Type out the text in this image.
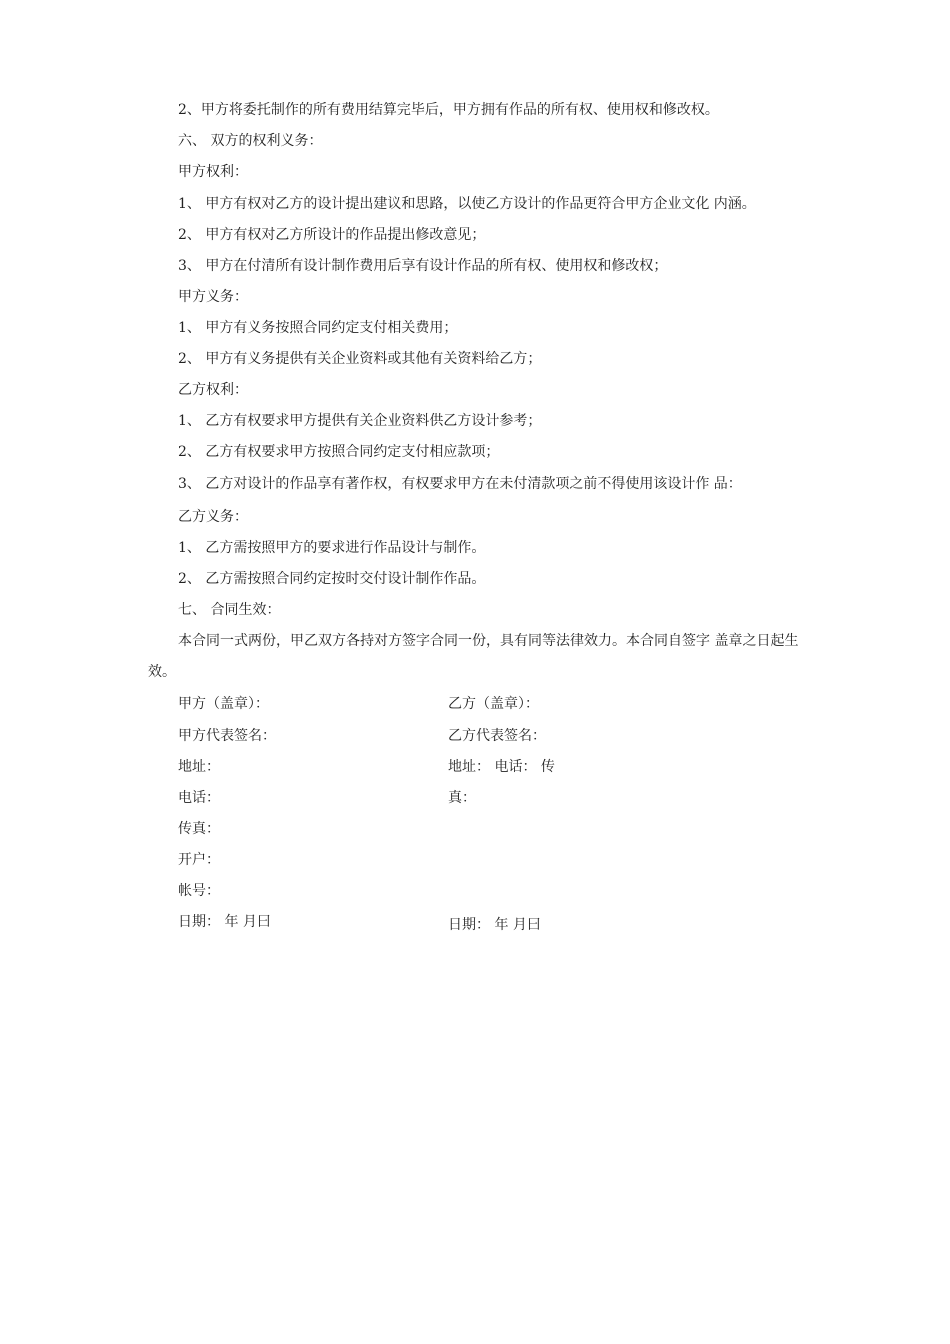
2、甲方将委托制作的所有费用结算完毕后，甲方拥有作品的所有权、使用权和修改权。
六、 双方的权利义务：
甲方权利：
1、 甲方有权对乙方的设计提出建议和思路，以使乙方设计的作品更符合甲方企业文化 内涵。
2、 甲方有权对乙方所设计的作品提出修改意见；
3、 甲方在付清所有设计制作费用后享有设计作品的所有权、使用权和修改权；
甲方义务：
1、 甲方有义务按照合同约定支付相关费用；
2、 甲方有义务提供有关企业资料或其他有关资料给乙方；
乙方权利：
1、 乙方有权要求甲方提供有关企业资料供乙方设计参考；
2、 乙方有权要求甲方按照合同约定支付相应款项；
3、 乙方对设计的作品享有著作权，有权要求甲方在未付清款项之前不得使用该设计作 品：
乙方义务：
1、 乙方需按照甲方的要求进行作品设计与制作。
2、 乙方需按照合同约定按时交付设计制作作品。
七、 合同生效：
本合同一式两份，甲乙双方各持对方签字合同一份，具有同等法律效力。本合同自签字 盖章之日起生效。
甲方（盖章）：	乙方（盖章）：
甲方代表签名：	乙方代表签名：
地址：	地址： 电话： 传
电话：	真：
传真：
开户：
帐号：
日期： 年 月曰	日期： 年 月曰
